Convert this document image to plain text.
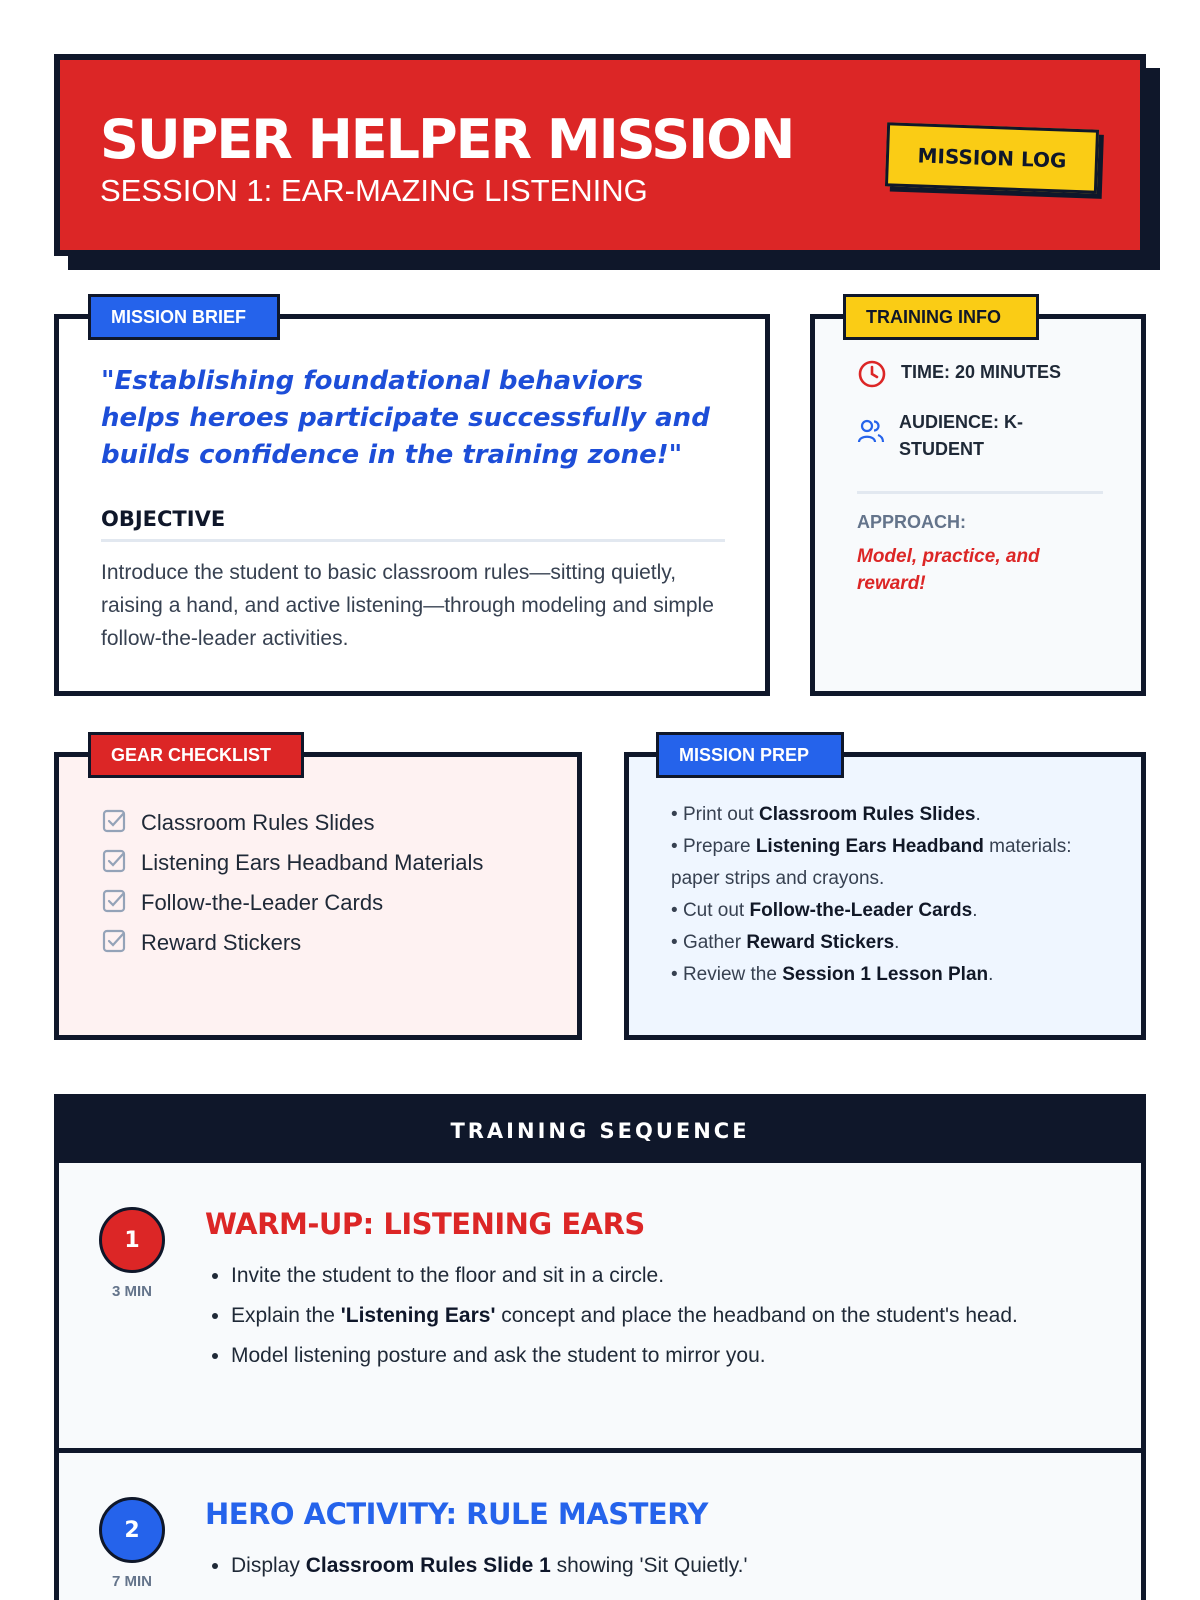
SUPER HELPER MISSION
SESSION 1: EAR-MAZING LISTENING
MISSION LOG
"Establishing foundational behaviors helps heroes participate successfully and builds confidence in the training zone!"
OBJECTIVE
Introduce the student to basic classroom rules—sitting quietly, raising a hand, and active listening—through modeling and simple follow-the-leader activities.
MISSION BRIEF
TIME: 20 MINUTES
AUDIENCE: K-STUDENT
APPROACH:
Model, practice, and reward!
TRAINING INFO
Classroom Rules Slides
Listening Ears Headband Materials
Follow-the-Leader Cards
Reward Stickers
GEAR CHECKLIST
• Print out Classroom Rules Slides.
• Prepare Listening Ears Headband materials: paper strips and crayons.
• Cut out Follow-the-Leader Cards.
• Gather Reward Stickers.
• Review the Session 1 Lesson Plan.
MISSION PREP
TRAINING SEQUENCE
1
3 MIN
WARM-UP: LISTENING EARS
• Invite the student to the floor and sit in a circle.
• Explain the 'Listening Ears' concept and place the headband on the student's head.
• Model listening posture and ask the student to mirror you.
2
7 MIN
HERO ACTIVITY: RULE MASTERY
• Display Classroom Rules Slide 1 showing 'Sit Quietly.'
